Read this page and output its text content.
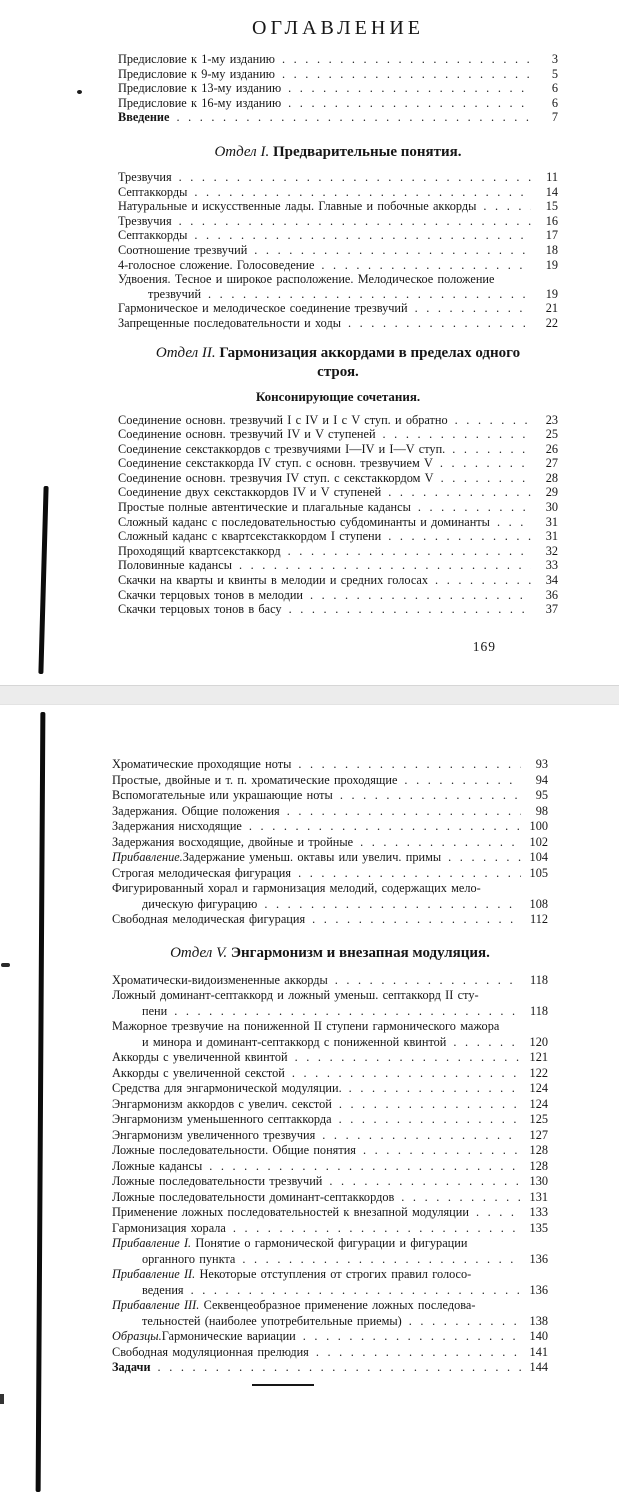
ОГЛАВЛЕНИЕ
Предисловие к 1-му изданию . . .	3
Предисловие к 9-му изданию . . .	5
Предисловие к 13-му изданию . . .	6
Предисловие к 16-му изданию . . .	6
Введение . . .	7
Отдел I. Предварительные понятия.
Трезвучия . . .	11
Септаккорды . . .	14
Натуральные и искусственные лады. Главные и побочные аккорды . . .	15
Трезвучия . . .	16
Септаккорды . . .	17
Соотношение трезвучий . . .	18
4-голосное сложение. Голосоведение . . .	19
Удвоения. Тесное и широкое расположение. Мелодическое положение
трезвучий . . .	19
Гармоническое и мелодическое соединение трезвучий . . .	21
Запрещенные последовательности и ходы . . .	22
Отдел II. Гармонизация аккордами в пределах одного строя.
Консонирующие сочетания.
Соединение основн. трезвучий I с IV и I с V ступ. и обратно . . .	23
Соединение основн. трезвучий IV и V ступеней . . .	25
Соединение секстаккордов с трезвучиями I—IV и I—V ступ. . . .	26
Соединение секстаккорда IV ступ. с основн. трезвучием V . . .	27
Соединение основн. трезвучия IV ступ. с секстаккордом V . . .	28
Соединение двух секстаккордов IV и V ступеней . . .	29
Простые полные автентические и плагальные кадансы . . .	30
Сложный каданс с последовательностью субдоминанты и доминанты . . .	31
Сложный каданс с квартсекстаккордом I ступени . . .	31
Проходящий квартсекстаккорд . . .	32
Половинные кадансы . . .	33
Скачки на кварты и квинты в мелодии и средних голосах . . .	34
Скачки терцовых тонов в мелодии . . .	36
Скачки терцовых тонов в басу . . .	37
169
Хроматические проходящие ноты . . .	93
Простые, двойные и т. п. хроматические проходящие . . .	94
Вспомогательные или украшающие ноты . . .	95
Задержания. Общие положения . . .	98
Задержания нисходящие . . .	100
Задержания восходящие, двойные и тройные . . .	102
Прибавление. Задержание уменьш. октавы или увелич. примы . . .	104
Строгая мелодическая фигурация . . .	105
Фигурированный хорал и гармонизация мелодий, содержащих мело-
дическую фигурацию . . .	108
Свободная мелодическая фигурация . . .	112
Отдел V. Энгармонизм и внезапная модуляция.
Хроматически-видоизмененные аккорды . . .	118
Ложный доминант-септаккорд и ложный уменьш. септаккорд II сту-
пени . . .	118
Мажорное трезвучие на пониженной II ступени гармонического мажора
и минора и доминант-септаккорд с пониженной квинтой . . .	120
Аккорды с увеличенной квинтой . . .	121
Аккорды с увеличенной секстой . . .	122
Средства для энгармонической модуляции. . . .	124
Энгармонизм аккордов с увелич. секстой . . .	124
Энгармонизм уменьшенного септаккорда . . .	125
Энгармонизм увеличенного трезвучия . . .	127
Ложные последовательности. Общие понятия . . .	128
Ложные кадансы . . .	128
Ложные последовательности трезвучий . . .	130
Ложные последовательности доминант-септаккордов . . .	131
Применение ложных последовательностей к внезапной модуляции . . .	133
Гармонизация хорала . . .	135
Прибавление I. Понятие о гармонической фигурации и фигурации
органного пункта . . .	136
Прибавление II. Некоторые отступления от строгих правил голосо-
ведения . . .	136
Прибавление III. Секвенцеобразное применение ложных последова-
тельностей (наиболее употребительные приемы) . . .	138
Образцы. Гармонические вариации . . .	140
Свободная модуляционная прелюдия . . .	141
Задачи . . .	144
